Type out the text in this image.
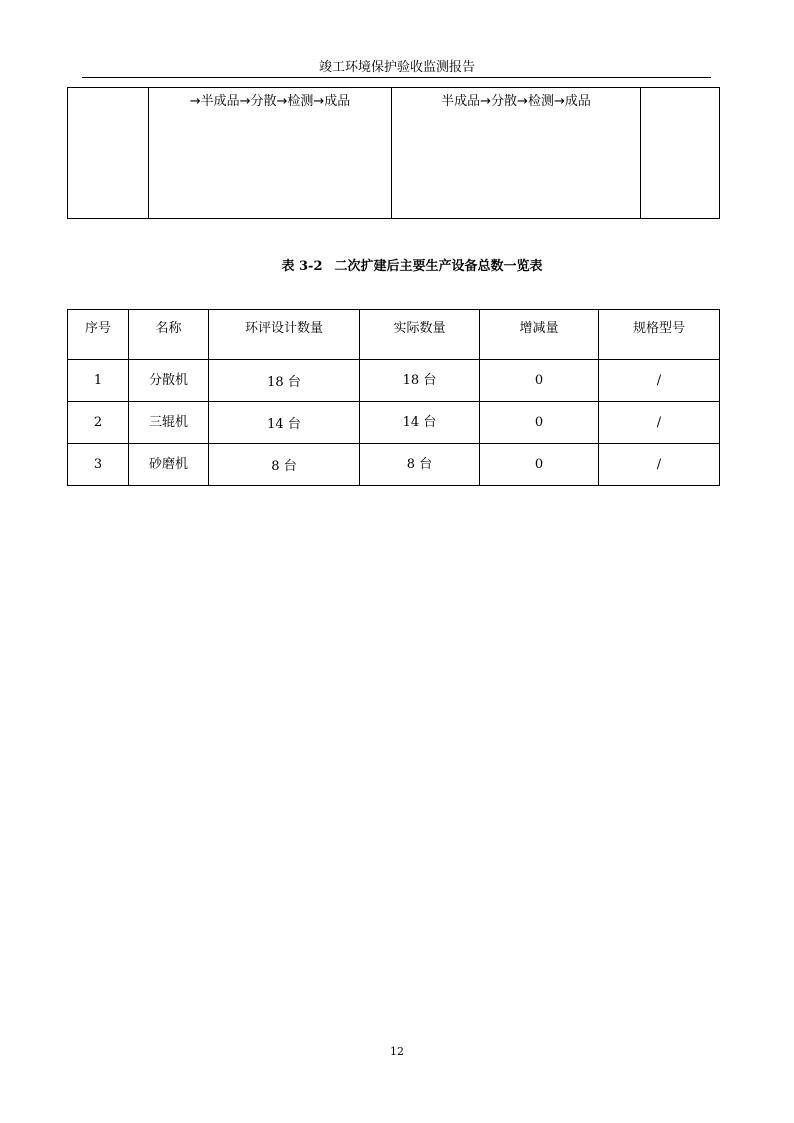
竣工环境保护验收监测报告

→半成品→分散→检测→成品	半成品→分散→检测→成品

表 3-2 二次扩建后主要生产设备总数一览表
序号	名称	环评设计数量	实际数量	增减量	规格型号
1	分散机	18 台	18 台	0	/
2	三辊机	14 台	14 台	0	/
3	砂磨机	8 台	8 台	0	/
12
